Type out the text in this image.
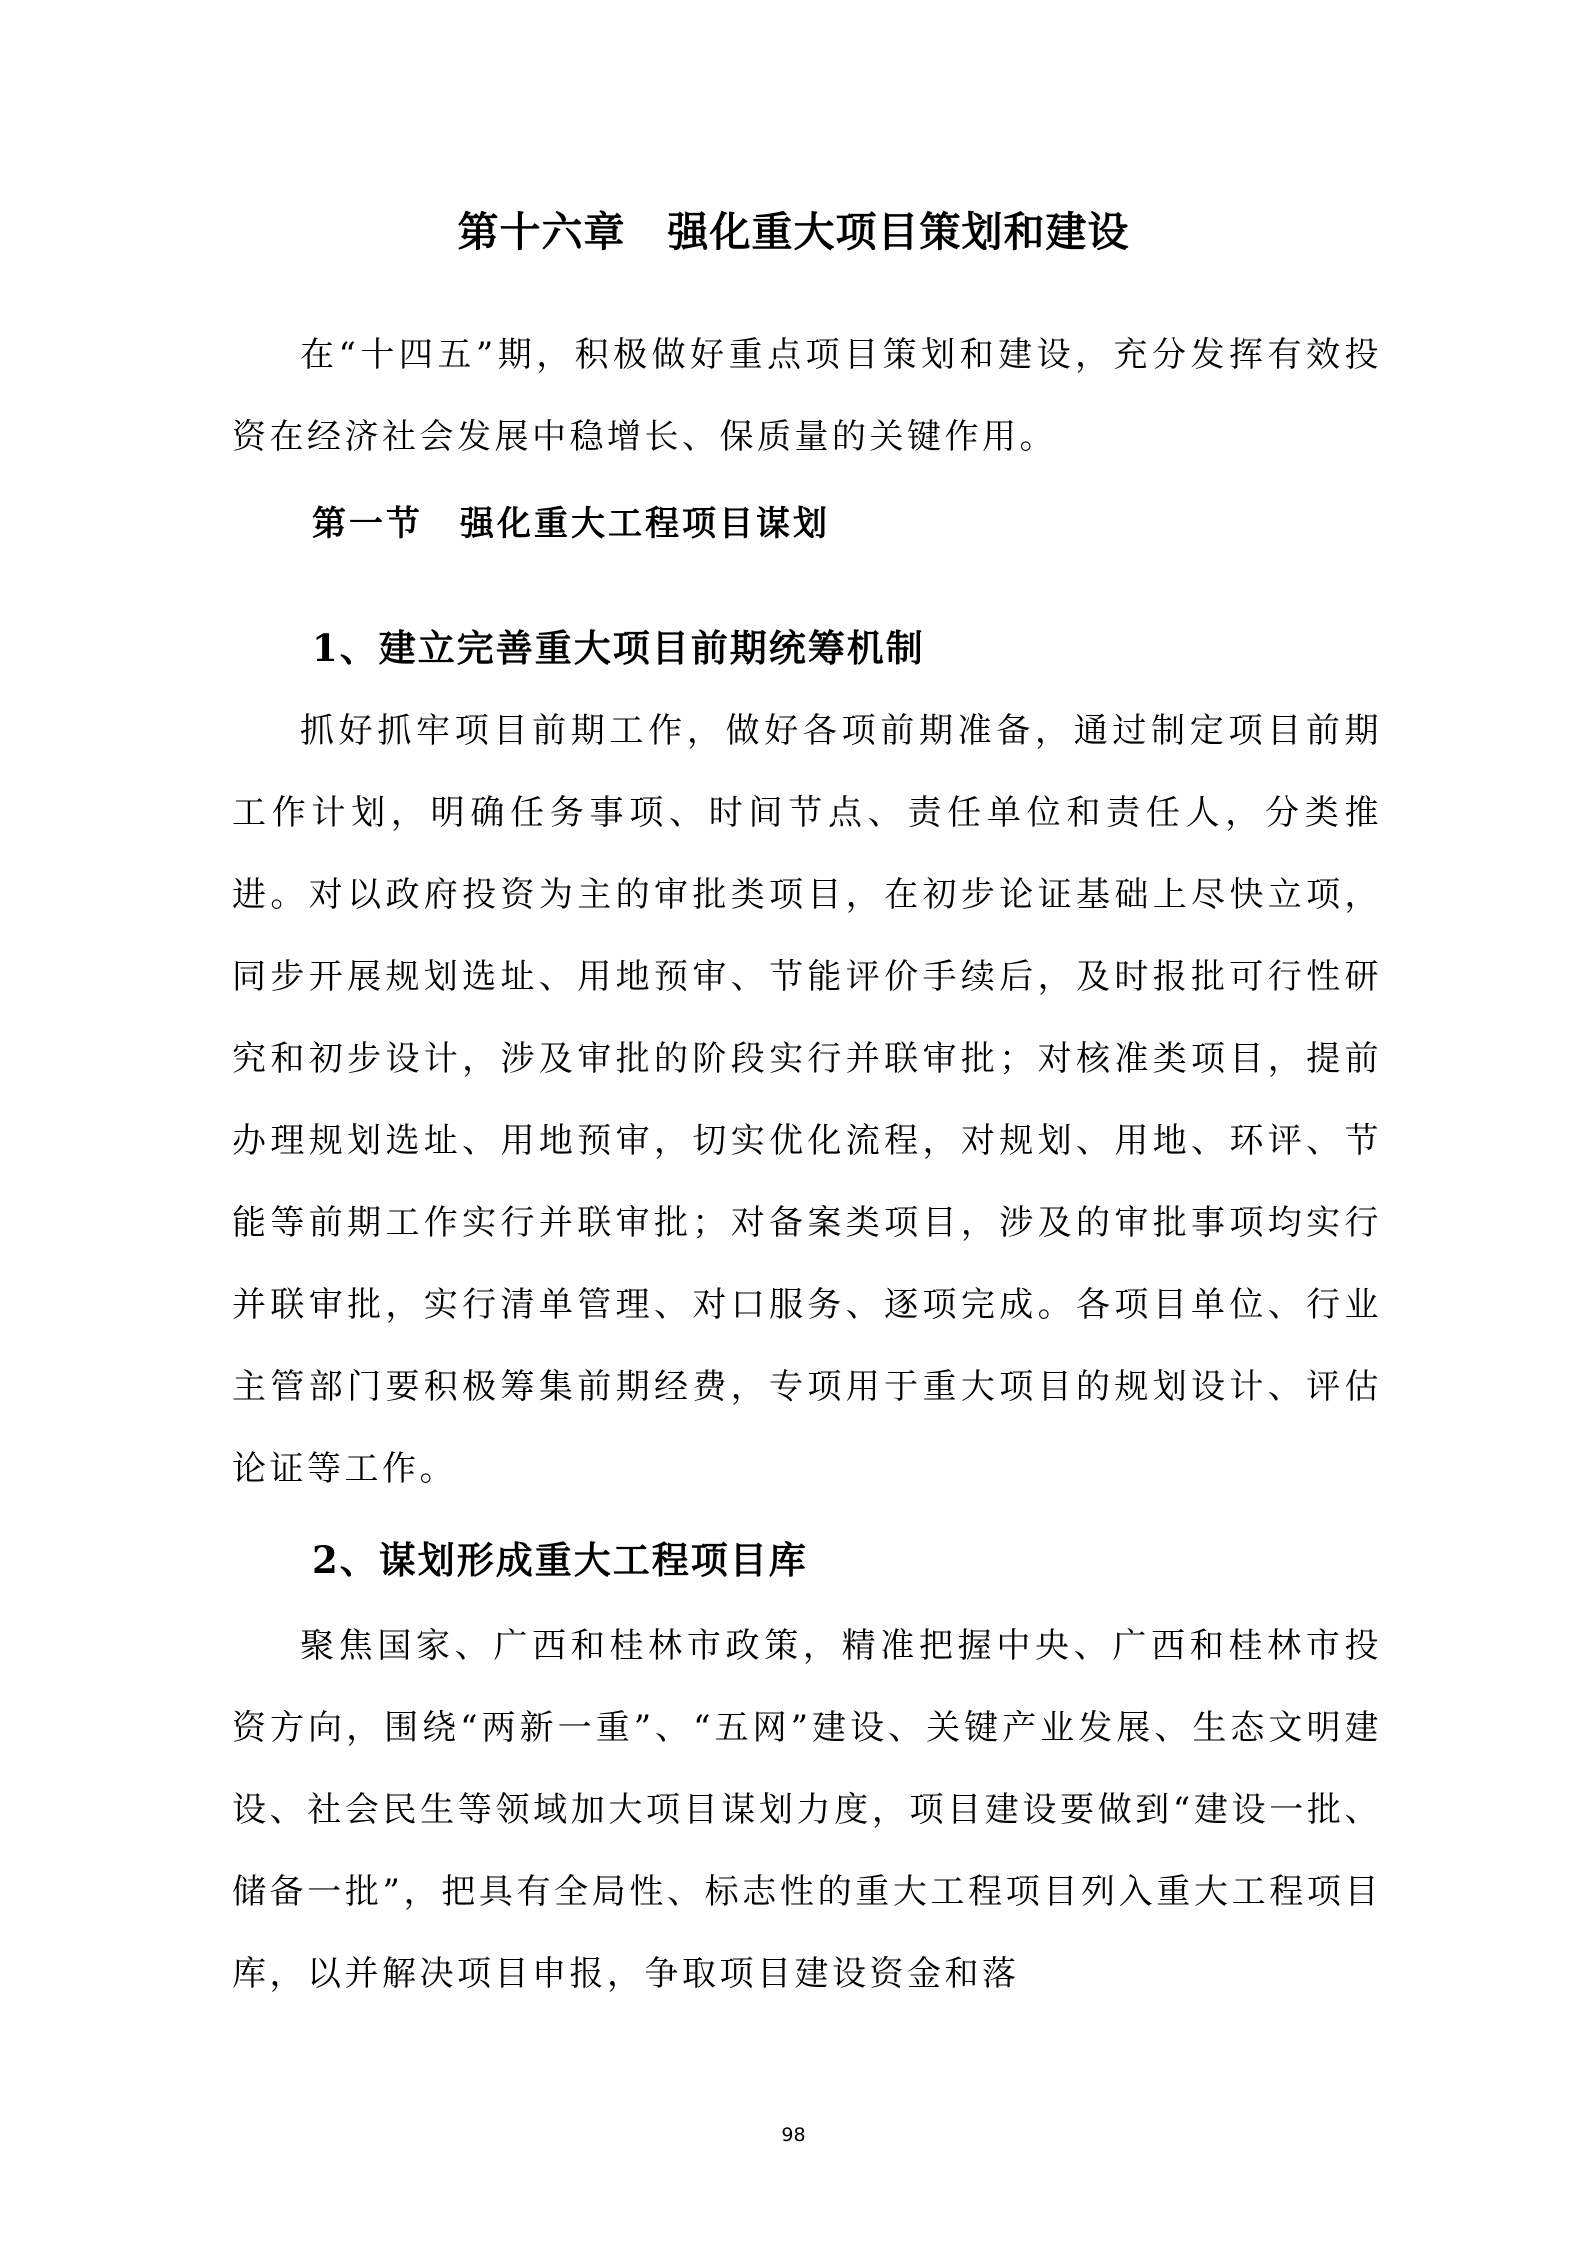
第十六章　强化重大项目策划和建设
在“十四五”期，积极做好重点项目策划和建设，充分发挥有效投资在经济社会发展中稳增长、保质量的关键作用。
第一节　强化重大工程项目谋划
1、建立完善重大项目前期统筹机制
抓好抓牢项目前期工作，做好各项前期准备，通过制定项目前期工作计划，明确任务事项、时间节点、责任单位和责任人，分类推进。对以政府投资为主的审批类项目，在初步论证基础上尽快立项，同步开展规划选址、用地预审、节能评价手续后，及时报批可行性研究和初步设计，涉及审批的阶段实行并联审批；对核准类项目，提前办理规划选址、用地预审，切实优化流程，对规划、用地、环评、节能等前期工作实行并联审批；对备案类项目，涉及的审批事项均实行并联审批，实行清单管理、对口服务、逐项完成。各项目单位、行业主管部门要积极筹集前期经费，专项用于重大项目的规划设计、评估论证等工作。
2、谋划形成重大工程项目库
聚焦国家、广西和桂林市政策，精准把握中央、广西和桂林市投资方向，围绕“两新一重”、“五网”建设、关键产业发展、生态文明建设、社会民生等领域加大项目谋划力度，项目建设要做到“建设一批、储备一批”，把具有全局性、标志性的重大工程项目列入重大工程项目库，以并解决项目申报，争取项目建设资金和落
98
